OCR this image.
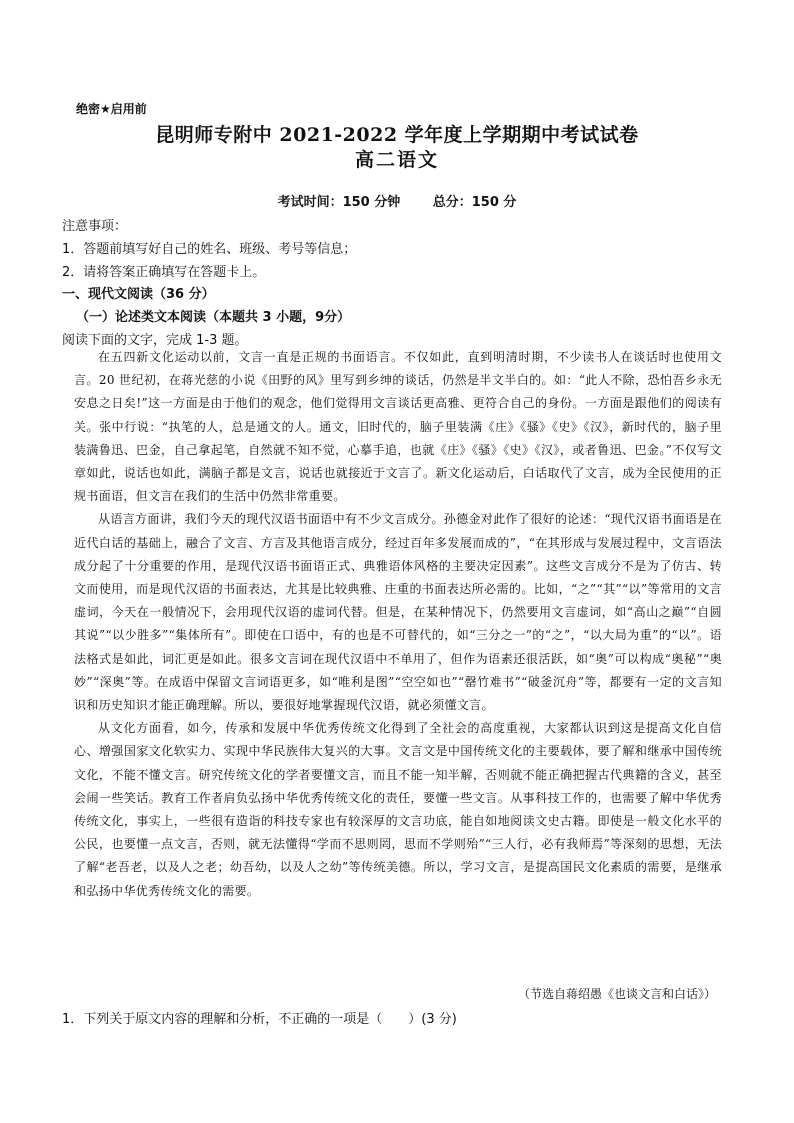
绝密★启用前
昆明师专附中 2021-2022 学年度上学期期中考试试卷
高二语文
考试时间：150 分钟	总分：150 分
注意事项：
1．答题前填写好自己的姓名、班级、考号等信息；
2．请将答案正确填写在答题卡上。
一、现代文阅读（36 分）
（一）论述类文本阅读（本题共 3 小题，9分）
阅读下面的文字，完成 1-3 题。

在五四新文化运动以前，文言一直是正规的书面语言。不仅如此，直到明清时期，不少读书人在谈话时也使用文言。20 世纪初，在蒋光慈的小说《田野的风》里写到乡绅的谈话，仍然是半文半白的。如：“此人不除，恐怕吾乡永无安息之日矣!”这一方面是由于他们的观念，他们觉得用文言谈话更高雅、更符合自己的身份。一方面是跟他们的阅读有关。张中行说：“执笔的人，总是通文的人。通文，旧时代的，脑子里装满《庄》《骚》《史》《汉》，新时代的，脑子里装满鲁迅、巴金，自己拿起笔，自然就不知不觉，心摹手追，也就《庄》《骚》《史》《汉》，或者鲁迅、巴金。”不仅写文章如此，说话也如此，满脑子都是文言，说话也就接近于文言了。新文化运动后，白话取代了文言，成为全民使用的正规书面语，但文言在我们的生活中仍然非常重要。

从语言方面讲，我们今天的现代汉语书面语中有不少文言成分。孙德金对此作了很好的论述：“现代汉语书面语是在近代白话的基础上，融合了文言、方言及其他语言成分，经过百年多发展而成的”，“在其形成与发展过程中，文言语法成分起了十分重要的作用，是现代汉语书面语正式、典雅语体风格的主要决定因素”。这些文言成分不是为了仿古、转文而使用，而是现代汉语的书面表达，尤其是比较典雅、庄重的书面表达所必需的。比如，“之”“其”“以”等常用的文言虚词，今天在一般情况下，会用现代汉语的虚词代替。但是，在某种情况下，仍然要用文言虚词，如“高山之巅”“自圆其说”“以少胜多”“集体所有”。即使在口语中，有的也是不可替代的，如“三分之一”的“之”，“以大局为重”的“以”。语法格式是如此，词汇更是如此。很多文言词在现代汉语中不单用了，但作为语素还很活跃，如“奥”可以构成“奥秘”“奥妙”“深奥”等。在成语中保留文言词语更多，如“唯利是图”“空空如也”“罄竹难书”“破釜沉舟”等，都要有一定的文言知识和历史知识才能正确理解。所以，要很好地掌握现代汉语，就必须懂文言。

从文化方面看，如今，传承和发展中华优秀传统文化得到了全社会的高度重视，大家都认识到这是提高文化自信心、增强国家文化软实力、实现中华民族伟大复兴的大事。文言文是中国传统文化的主要载体，要了解和继承中国传统文化，不能不懂文言。研究传统文化的学者要懂文言，而且不能一知半解，否则就不能正确把握古代典籍的含义，甚至会闹一些笑话。教育工作者肩负弘扬中华优秀传统文化的责任，要懂一些文言。从事科技工作的，也需要了解中华优秀传统文化，事实上，一些很有造诣的科技专家也有较深厚的文言功底，能自如地阅读文史古籍。即使是一般文化水平的公民，也要懂一点文言，否则，就无法懂得“学而不思则罔，思而不学则殆”“三人行，必有我师焉”等深刻的思想，无法了解“老吾老，以及人之老；幼吾幼，以及人之幼”等传统美德。所以，学习文言，是提高国民文化素质的需要，是继承和弘扬中华优秀传统文化的需要。

（节选自蒋绍愚《也谈文言和白话》）
1．下列关于原文内容的理解和分析，不正确的一项是（　　）(3 分)
